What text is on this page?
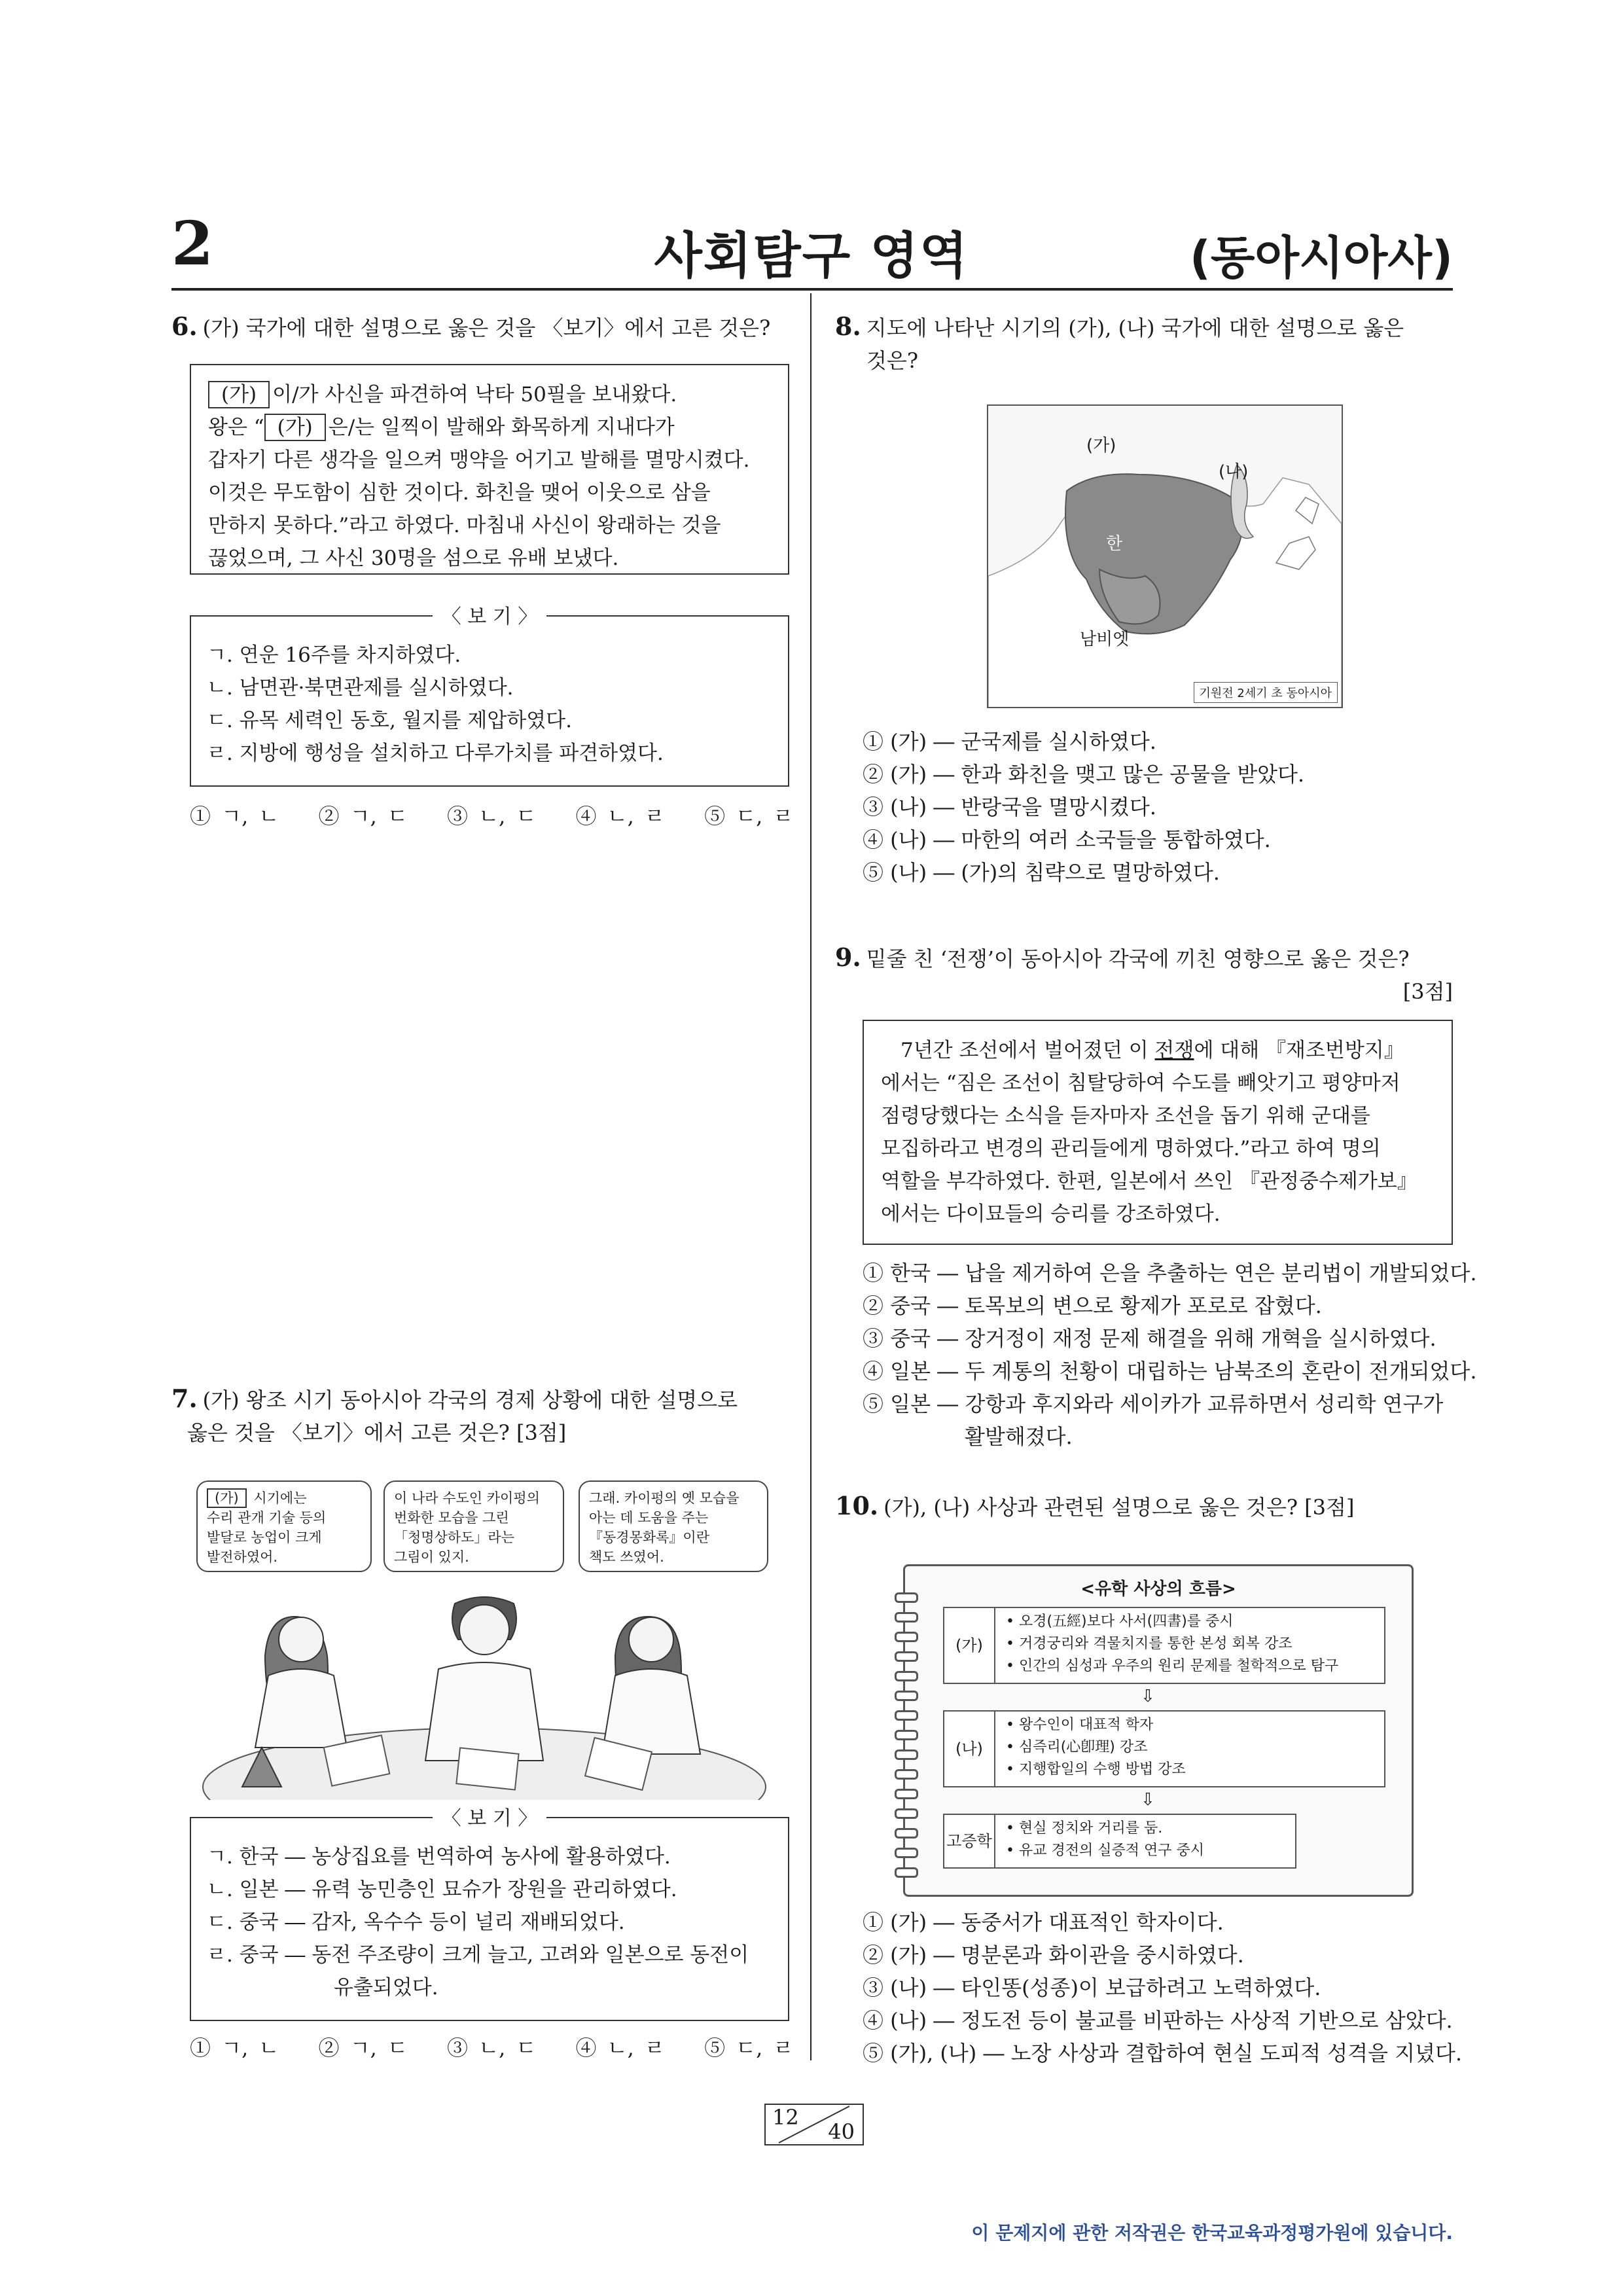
2	사회탐구 영역	(동아시아사)
6. (가) 국가에 대한 설명으로 옳은 것을 〈보기〉에서 고른 것은?
(가) 이/가 사신을 파견하여 낙타 50필을 보내왔다.
왕은 “ (가) 은/는 일찍이 발해와 화목하게 지내다가
갑자기 다른 생각을 일으켜 맹약을 어기고 발해를 멸망시켰다.
이것은 무도함이 심한 것이다. 화친을 맺어 이웃으로 삼을
만하지 못하다.”라고 하였다. 마침내 사신이 왕래하는 것을
끊었으며, 그 사신 30명을 섬으로 유배 보냈다.
〈 보 기 〉
ㄱ. 연운 16주를 차지하였다.
ㄴ. 남면관·북면관제를 실시하였다.
ㄷ. 유목 세력인 동호, 월지를 제압하였다.
ㄹ. 지방에 행성을 설치하고 다루가치를 파견하였다.
① ㄱ, ㄴ ② ㄱ, ㄷ ③ ㄴ, ㄷ ④ ㄴ, ㄹ ⑤ ㄷ, ㄹ
7. (가) 왕조 시기 동아시아 각국의 경제 상황에 대한 설명으로
옳은 것을 〈보기〉에서 고른 것은? [3점]
(가) 시기에는
수리 관개 기술 등의
발달로 농업이 크게
발전하였어.
이 나라 수도인 카이펑의
번화한 모습을 그린
「청명상하도」라는
그림이 있지.
그래. 카이펑의 옛 모습을
아는 데 도움을 주는
『동경몽화록』이란
책도 쓰였어.
〈 보 기 〉
ㄱ. 한국 ― 농상집요를 번역하여 농사에 활용하였다.
ㄴ. 일본 ― 유력 농민층인 묘슈가 장원을 관리하였다.
ㄷ. 중국 ― 감자, 옥수수 등이 널리 재배되었다.
ㄹ. 중국 ― 동전 주조량이 크게 늘고, 고려와 일본으로 동전이
유출되었다.
① ㄱ, ㄴ ② ㄱ, ㄷ ③ ㄴ, ㄷ ④ ㄴ, ㄹ ⑤ ㄷ, ㄹ
8. 지도에 나타난 시기의 (가), (나) 국가에 대한 설명으로 옳은
것은?
(가)
(나)
한
남비엣
기원전 2세기 초 동아시아
① (가) ― 군국제를 실시하였다.
② (가) ― 한과 화친을 맺고 많은 공물을 받았다.
③ (나) ― 반랑국을 멸망시켰다.
④ (나) ― 마한의 여러 소국들을 통합하였다.
⑤ (나) ― (가)의 침략으로 멸망하였다.
9. 밑줄 친 ‘전쟁’이 동아시아 각국에 끼친 영향으로 옳은 것은?
[3점]
7년간 조선에서 벌어졌던 이 전쟁에 대해 『재조번방지』
에서는 “짐은 조선이 침탈당하여 수도를 빼앗기고 평양마저
점령당했다는 소식을 듣자마자 조선을 돕기 위해 군대를
모집하라고 변경의 관리들에게 명하였다.”라고 하여 명의
역할을 부각하였다. 한편, 일본에서 쓰인 『관정중수제가보』
에서는 다이묘들의 승리를 강조하였다.
① 한국 ― 납을 제거하여 은을 추출하는 연은 분리법이 개발되었다.
② 중국 ― 토목보의 변으로 황제가 포로로 잡혔다.
③ 중국 ― 장거정이 재정 문제 해결을 위해 개혁을 실시하였다.
④ 일본 ― 두 계통의 천황이 대립하는 남북조의 혼란이 전개되었다.
⑤ 일본 ― 강항과 후지와라 세이카가 교류하면서 성리학 연구가
활발해졌다.
10. (가), (나) 사상과 관련된 설명으로 옳은 것은? [3점]
<유학 사상의 흐름>
(가)
• 오경(五經)보다 사서(四書)를 중시
• 거경궁리와 격물치지를 통한 본성 회복 강조
• 인간의 심성과 우주의 원리 문제를 철학적으로 탐구
⇩
(나)
• 왕수인이 대표적 학자
• 심즉리(心卽理) 강조
• 지행합일의 수행 방법 강조
⇩
고증학
• 현실 정치와 거리를 둠.
• 유교 경전의 실증적 연구 중시
① (가) ― 동중서가 대표적인 학자이다.
② (가) ― 명분론과 화이관을 중시하였다.
③ (나) ― 타인똥(성종)이 보급하려고 노력하였다.
④ (나) ― 정도전 등이 불교를 비판하는 사상적 기반으로 삼았다.
⑤ (가), (나) ― 노장 사상과 결합하여 현실 도피적 성격을 지녔다.
12
40
이 문제지에 관한 저작권은 한국교육과정평가원에 있습니다.
